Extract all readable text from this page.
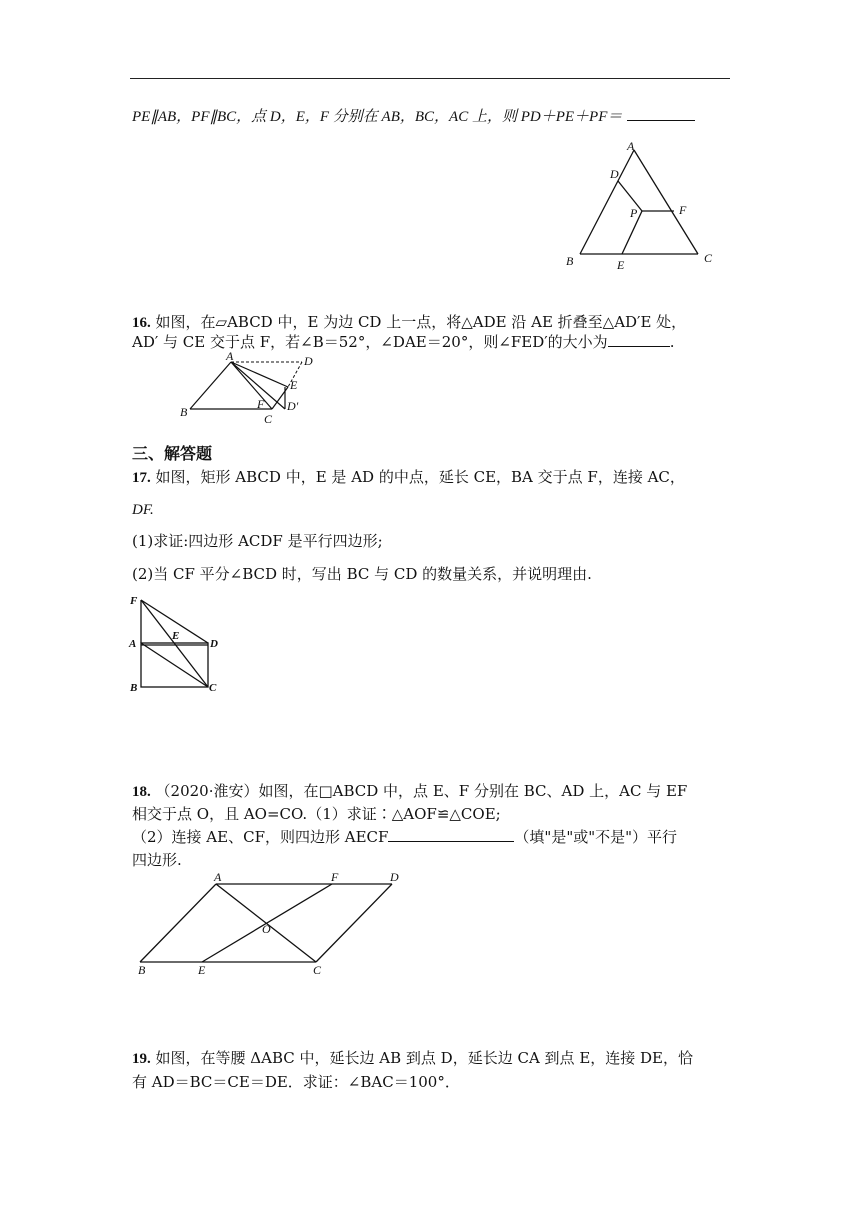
PE∥AB，PF∥BC，点 D，E，F 分别在 AB，BC，AC 上，则 PD＋PE＋PF＝
A
D
P	F
B	E	C
16. 如图，在▱ABCD 中，E 为边 CD 上一点，将△ADE 沿 AE 折叠至△AD′E 处，
AD′ 与 CE 交于点 F，若∠B＝52°，∠DAE＝20°，则∠FED′的大小为	.
A	D
E
F D′
B	C
三、解答题
17. 如图，矩形 ABCD 中，E 是 AD 的中点，延长 CE，BA 交于点 F，连接 AC，
DF.
(1)求证:四边形 ACDF 是平行四边形;
(2)当 CF 平分∠BCD 时，写出 BC 与 CD 的数量关系，并说明理由.
F
A
E
D
B	C
18. （2020·淮安）如图，在□ABCD 中，点 E、F 分别在 BC、AD 上，AC 与 EF
相交于点 O，且 AO=CO.（1）求证∶△AOF≌△COE;
（2）连接 AE、CF，则四边形 AECF	（填"是"或"不是"）平行
四边形.
A	F	D
O
B	E	C
19. 如图，在等腰 ΔABC 中，延长边 AB 到点 D，延长边 CA 到点 E，连接 DE，恰
有 AD＝BC＝CE＝DE．求证：∠BAC＝100°．
